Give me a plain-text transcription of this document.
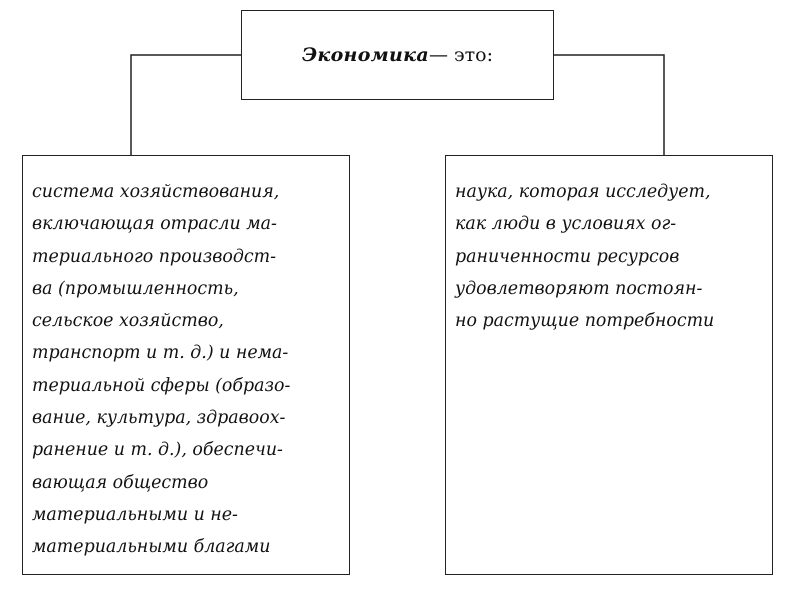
Экономика — это:
система хозяйствования,
включающая отрасли ма-
териального производст-
ва (промышленность,
сельское хозяйство,
транспорт и т. д.) и нема-
териальной сферы (образо-
вание, культура, здравоох-
ранение и т. д.), обеспечи-
вающая общество
материальными и не-
материальными благами
наука, которая исследует,
как люди в условиях ог-
раниченности ресурсов
удовлетворяют постоян-
но растущие потребности
